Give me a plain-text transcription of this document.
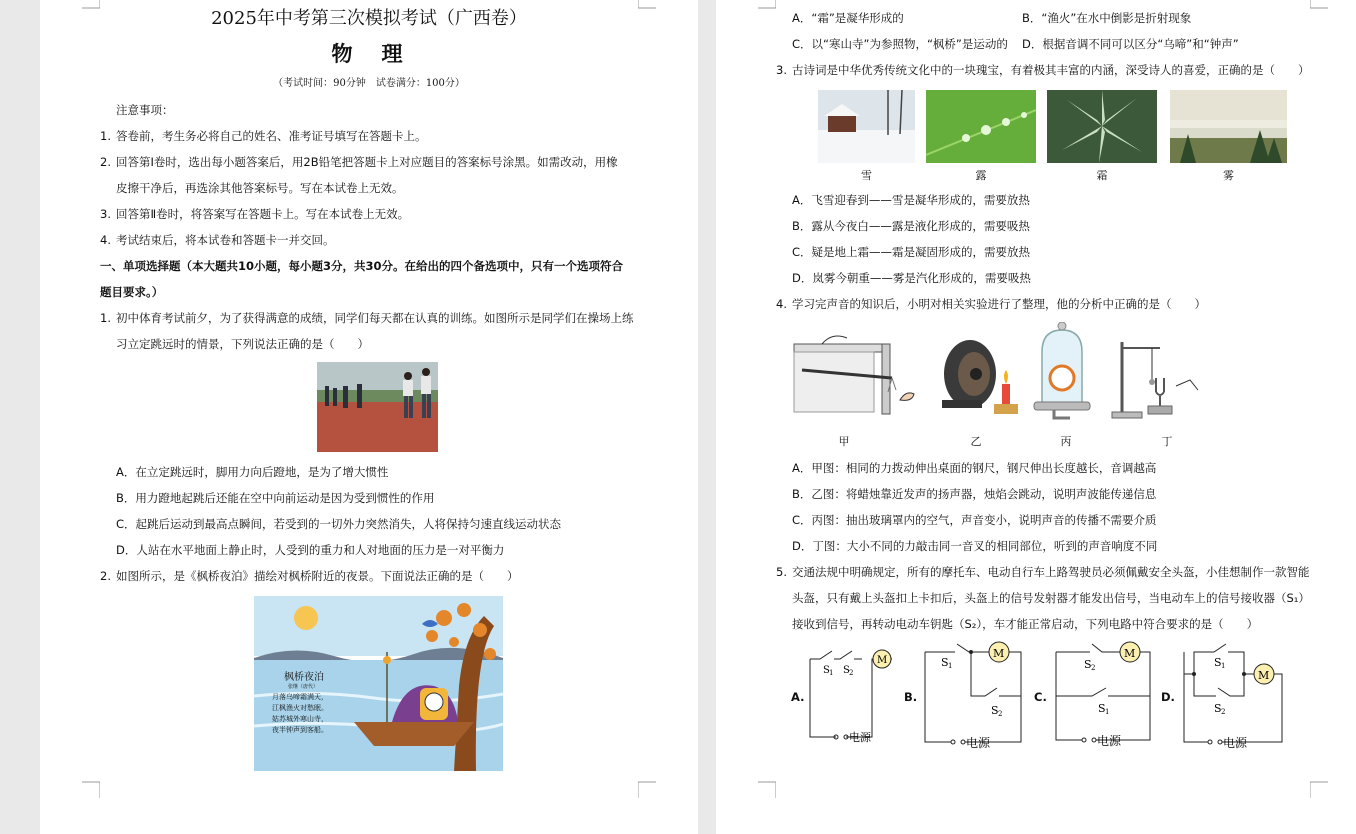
2025年中考第三次模拟考试（广西卷）
物　理
（考试时间：90分钟　试卷满分：100分）
注意事项：
1. 答卷前，考生务必将自己的姓名、准考证号填写在答题卡上。
2. 回答第Ⅰ卷时，选出每小题答案后，用2B铅笔把答题卡上对应题目的答案标号涂黑。如需改动，用橡
皮擦干净后，再选涂其他答案标号。写在本试卷上无效。
3. 回答第Ⅱ卷时，将答案写在答题卡上。写在本试卷上无效。
4. 考试结束后，将本试卷和答题卡一并交回。
一、单项选择题（本大题共10小题，每小题3分，共30分。在给出的四个备选项中，只有一个选项符合
题目要求。）
1. 初中体育考试前夕，为了获得满意的成绩，同学们每天都在认真的训练。如图所示是同学们在操场上练
习立定跳远时的情景，下列说法正确的是（　　）
A．在立定跳远时，脚用力向后蹬地，是为了增大惯性
B．用力蹬地起跳后还能在空中向前运动是因为受到惯性的作用
C．起跳后运动到最高点瞬间，若受到的一切外力突然消失，人将保持匀速直线运动状态
D．人站在水平地面上静止时，人受到的重力和人对地面的压力是一对平衡力
2. 如图所示，是《枫桥夜泊》描绘对枫桥附近的夜景。下面说法正确的是（　　）
枫桥夜泊
张继（唐代）
月落乌啼霜满天，
江枫渔火对愁眠。
姑苏城外寒山寺，
夜半钟声到客船。
A．“霜”是凝华形成的	B．“渔火”在水中倒影是折射现象
C．以“寒山寺”为参照物，“枫桥”是运动的 D．根据音调不同可以区分“乌啼”和“钟声”
3. 古诗词是中华优秀传统文化中的一块瑰宝，有着极其丰富的内涵，深受诗人的喜爱，正确的是（　　）
雪	露	霜	雾
A．飞雪迎春到——雪是凝华形成的，需要放热
B．露从今夜白——露是液化形成的，需要吸热
C．疑是地上霜——霜是凝固形成的，需要放热
D．岚雾今朝重——雾是汽化形成的，需要吸热
4. 学习完声音的知识后，小明对相关实验进行了整理，他的分析中正确的是（　　）
甲	乙	丙	丁
A．甲图：相同的力拨动伸出桌面的钢尺，钢尺伸出长度越长，音调越高
B．乙图：将蜡烛靠近发声的扬声器，烛焰会跳动，说明声波能传递信息
C．丙图：抽出玻璃罩内的空气，声音变小，说明声音的传播不需要介质
D．丁图：大小不同的力敲击同一音叉的相同部位，听到的声音响度不同
5. 交通法规中明确规定，所有的摩托车、电动自行车上路驾驶员必须佩戴安全头盔，小佳想制作一款智能
头盔，只有戴上头盔扣上卡扣后，头盔上的信号发射器才能发出信号，当电动车上的信号接收器（S₁）
接收到信号，再转动电动车钥匙（S₂），车才能正常启动，下列电路中符合要求的是（　　）
A.	B.	C.	D.
S 1 S 2
M
电源
S 1
S 2
M
电源
S 2
S 1
M
电源
S 1
S 2
M
电源
